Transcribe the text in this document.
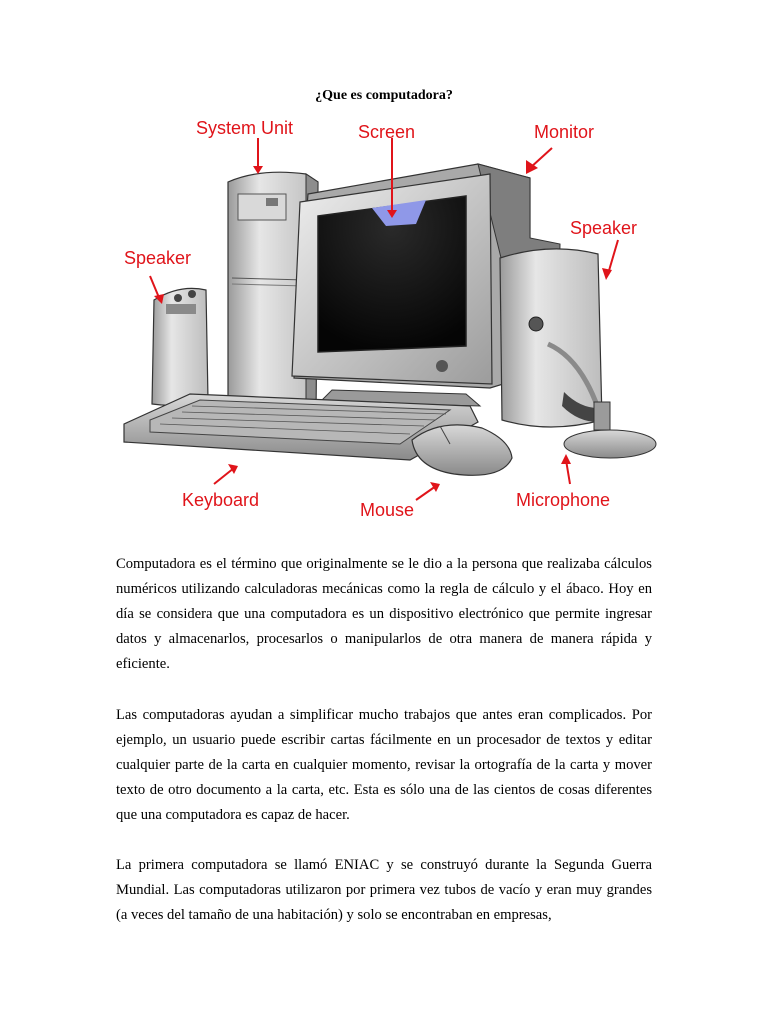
¿Que es computadora?
System Unit	Screen	Monitor
Speaker
Speaker
Keyboard	Mouse	Microphone

Computadora es el término que originalmente se le dio a la persona que realizaba cálculos numéricos utilizando calculadoras mecánicas como la regla de cálculo y el ábaco. Hoy en día se considera que una computadora es un dispositivo electrónico que permite ingresar datos y almacenarlos, procesarlos o manipularlos de otra manera de manera rápida y eficiente.

Las computadoras ayudan a simplificar mucho trabajos que antes eran complicados. Por ejemplo, un usuario puede escribir cartas fácilmente en un procesador de textos y editar cualquier parte de la carta en cualquier momento, revisar la ortografía de la carta y mover texto de otro documento a la carta, etc. Esta es sólo una de las cientos de cosas diferentes que una computadora es capaz de hacer.

La primera computadora se llamó ENIAC y se construyó durante la Segunda Guerra Mundial. Las computadoras utilizaron por primera vez tubos de vacío y eran muy grandes (a veces del tamaño de una habitación) y solo se encontraban en empresas,
